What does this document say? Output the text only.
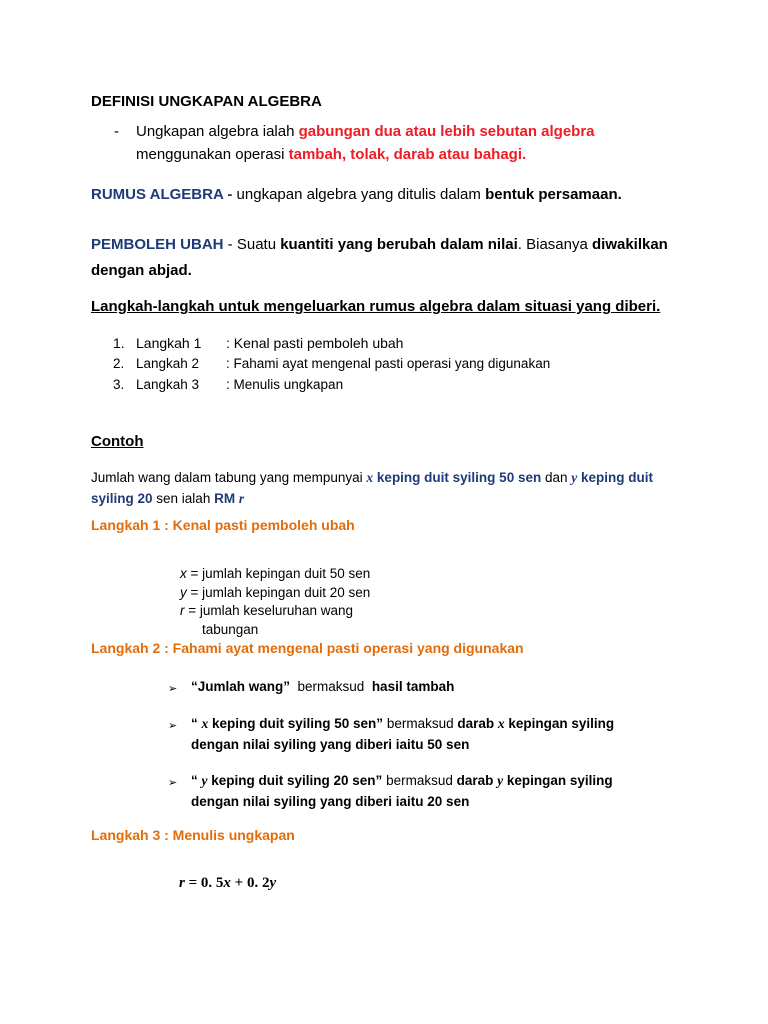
DEFINISI UNGKAPAN ALGEBRA
- Ungkapan algebra ialah gabungan dua atau lebih sebutan algebra
menggunakan operasi tambah, tolak, darab atau bahagi.
RUMUS ALGEBRA - ungkapan algebra yang ditulis dalam bentuk persamaan.
PEMBOLEH UBAH - Suatu kuantiti yang berubah dalam nilai. Biasanya diwakilkan
dengan abjad.
Langkah-langkah untuk mengeluarkan rumus algebra dalam situasi yang diberi.
1. Langkah 1 : Kenal pasti pemboleh ubah
2. Langkah 2 : Fahami ayat mengenal pasti operasi yang digunakan
3. Langkah 3 : Menulis ungkapan
Contoh
Jumlah wang dalam tabung yang mempunyai x keping duit syiling 50 sen dan y keping duit
syiling 20 sen ialah RM r
Langkah 1 : Kenal pasti pemboleh ubah
x = jumlah kepingan duit 50 sen
y = jumlah kepingan duit 20 sen
r = jumlah keseluruhan wang
tabungan
Langkah 2 : Fahami ayat mengenal pasti operasi yang digunakan
➢ “Jumlah wang”  bermaksud  hasil tambah
➢ “ x keping duit syiling 50 sen” bermaksud darab x kepingan syiling
dengan nilai syiling yang diberi iaitu 50 sen
➢ “ y keping duit syiling 20 sen” bermaksud darab y kepingan syiling
dengan nilai syiling yang diberi iaitu 20 sen
Langkah 3 : Menulis ungkapan
r = 0. 5x + 0. 2y
